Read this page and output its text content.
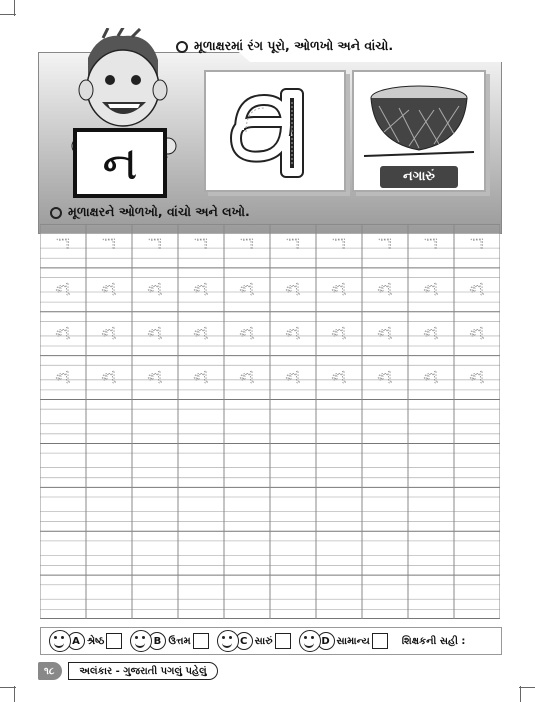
મૂળાક્ષરમાં રંગ પૂરો, ઓળખો અને વાંચો.
ન	નગારું
મૂળાક્ષરને ઓળખો, વાંચો અને લખો.
ㄱ ㄱ ㄱ ㄱ ㄱ ㄱ ㄱ ㄱ ㄱ ㄱ
ન ન ન ન ન ન ન ન ન ન
ન ન ન ન ન ન ન ન ન ન
ન ન ન ન ન ન ન ન ન ન
A શ્રેષ્ઠ	B ઉત્તમ	C સારું	D સામાન્ય	શિક્ષકની સહી :
૧૮	અલંકાર - ગુજરાતી પગલું પહેલું
